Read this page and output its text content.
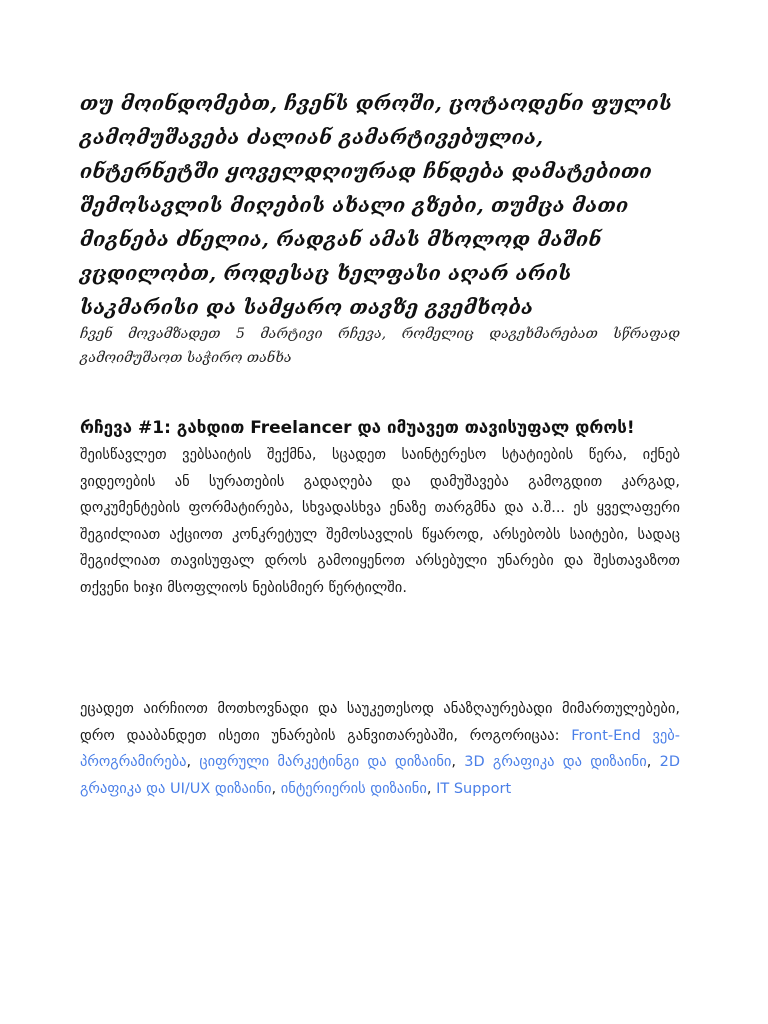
თუ მოინდომებთ, ჩვენს დროში, ცოტაოდენი ფულის გამომუშავება ძალიან გამარტივებულია, ინტერნეტში ყოველდღიურად ჩნდება დამატებითი შემოსავლის მიღების ახალი გზები, თუმცა მათი მიგნება ძნელია, რადგან ამას მხოლოდ მაშინ ვცდილობთ, როდესაც ხელფასი აღარ არის საკმარისი და სამყარო თავზე გვემხობა

ჩვენ მოვამზადეთ 5 მარტივი რჩევა, რომელიც დაგეხმარებათ სწრაფად გამოიმუშაოთ საჭირო თანხა

რჩევა #1: გახდით Freelancer და იმუავეთ თავისუფალ დროს!

შეისწავლეთ ვებსაიტის შექმნა, სცადეთ საინტერესო სტატიების წერა, იქნებ ვიდეოების ან სურათების გადაღება და დამუშავება გამოგდით კარგად, დოკუმენტების ფორმატირება, სხვადასხვა ენაზე თარგმნა და ა.შ... ეს ყველაფერი შეგიძლიათ აქციოთ კონკრეტულ შემოსავლის წყაროდ, არსებობს საიტები, სადაც შეგიძლიათ თავისუფალ დროს გამოიყენოთ არსებული უნარები და შესთავაზოთ თქვენი ხიჯი მსოფლიოს ნებისმიერ წერტილში.

ეცადეთ აირჩიოთ მოთხოვნადი და საუკეთესოდ ანაზღაურებადი მიმართულებები, დრო დააბანდეთ ისეთი უნარების განვითარებაში, როგორიცაა: Front-End ვებ-პროგრამირება, ციფრული მარკეტინგი და დიზაინი, 3D გრაფიკა და დიზაინი, 2D გრაფიკა და UI/UX დიზაინი, ინტერიერის დიზაინი, IT Support
